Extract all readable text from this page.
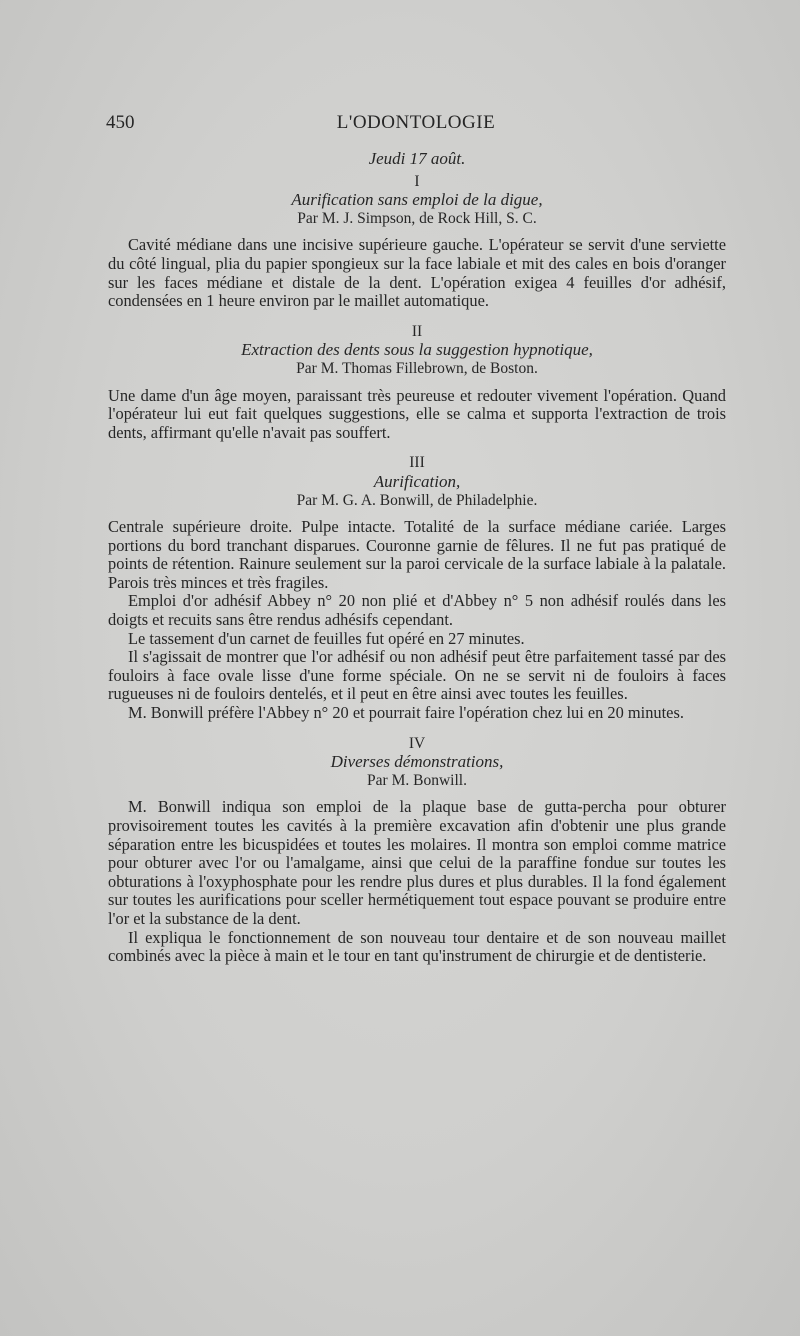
450	L'ODONTOLOGIE
Jeudi 17 août.
I
Aurification sans emploi de la digue,
Par M. J. Simpson, de Rock Hill, S. C.

Cavité médiane dans une incisive supérieure gauche. L'opérateur se servit d'une serviette du côté lingual, plia du papier spongieux sur la face labiale et mit des cales en bois d'oranger sur les faces médiane et distale de la dent. L'opération exigea 4 feuilles d'or adhésif, condensées en 1 heure environ par le maillet automatique.

II
Extraction des dents sous la suggestion hypnotique,
Par M. Thomas Fillebrown, de Boston.

Une dame d'un âge moyen, paraissant très peureuse et redouter vivement l'opération. Quand l'opérateur lui eut fait quelques suggestions, elle se calma et supporta l'extraction de trois dents, affirmant qu'elle n'avait pas souffert.

III
Aurification,
Par M. G. A. Bonwill, de Philadelphie.

Centrale supérieure droite. Pulpe intacte. Totalité de la surface médiane cariée. Larges portions du bord tranchant disparues. Couronne garnie de fêlures. Il ne fut pas pratiqué de points de rétention. Rainure seulement sur la paroi cervicale de la surface labiale à la palatale. Parois très minces et très fragiles.

Emploi d'or adhésif Abbey n° 20 non plié et d'Abbey n° 5 non adhésif roulés dans les doigts et recuits sans être rendus adhésifs cependant.

Le tassement d'un carnet de feuilles fut opéré en 27 minutes.

Il s'agissait de montrer que l'or adhésif ou non adhésif peut être parfaitement tassé par des fouloirs à face ovale lisse d'une forme spéciale. On ne se servit ni de fouloirs à faces rugueuses ni de fouloirs dentelés, et il peut en être ainsi avec toutes les feuilles.

M. Bonwill préfère l'Abbey n° 20 et pourrait faire l'opération chez lui en 20 minutes.

IV
Diverses démonstrations,
Par M. Bonwill.

M. Bonwill indiqua son emploi de la plaque base de gutta-percha pour obturer provisoirement toutes les cavités à la première excavation afin d'obtenir une plus grande séparation entre les bicuspidées et toutes les molaires. Il montra son emploi comme matrice pour obturer avec l'or ou l'amalgame, ainsi que celui de la paraffine fondue sur toutes les obturations à l'oxyphosphate pour les rendre plus dures et plus durables. Il la fond également sur toutes les aurifications pour sceller hermétiquement tout espace pouvant se produire entre l'or et la substance de la dent.

Il expliqua le fonctionnement de son nouveau tour dentaire et de son nouveau maillet combinés avec la pièce à main et le tour en tant qu'instrument de chirurgie et de dentisterie.
